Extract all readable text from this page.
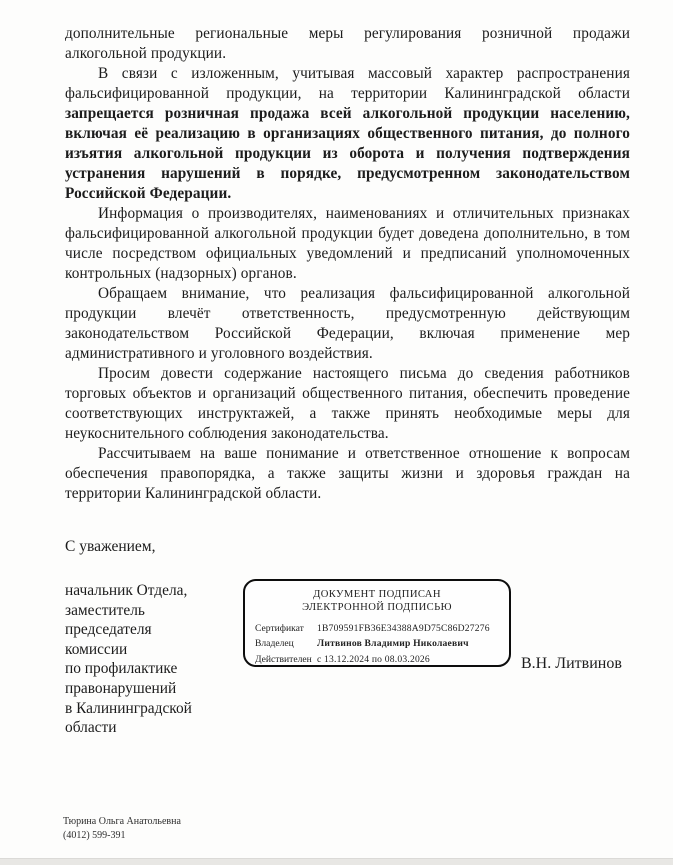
дополнительные региональные меры регулирования розничной продажи алкогольной продукции.

В связи с изложенным, учитывая массовый характер распространения фальсифицированной продукции, на территории Калининградской области запрещается розничная продажа всей алкогольной продукции населению, включая её реализацию в организациях общественного питания, до полного изъятия алкогольной продукции из оборота и получения подтверждения устранения нарушений в порядке, предусмотренном законодательством Российской Федерации.

Информация о производителях, наименованиях и отличительных признаках фальсифицированной алкогольной продукции будет доведена дополнительно, в том числе посредством официальных уведомлений и предписаний уполномоченных контрольных (надзорных) органов.

Обращаем внимание, что реализация фальсифицированной алкогольной продукции влечёт ответственность, предусмотренную действующим законодательством Российской Федерации, включая применение мер административного и уголовного воздействия.

Просим довести содержание настоящего письма до сведения работников торговых объектов и организаций общественного питания, обеспечить проведение соответствующих инструктажей, а также принять необходимые меры для неукоснительного соблюдения законодательства.

Рассчитываем на ваше понимание и ответственное отношение к вопросам обеспечения правопорядка, а также защиты жизни и здоровья граждан на территории Калининградской области.

С уважением,
начальник Отдела,
заместитель
председателя
комиссии
по профилактике
правонарушений
в Калининградской
области
ДОКУМЕНТ ПОДПИСАН
ЭЛЕКТРОННОЙ ПОДПИСЬЮ
Сертификат	1B709591FB36E34388A9D75C86D27276
Владелец	Литвинов Владимир Николаевич
Действителен с 13.12.2024 по 08.03.2026	В.Н. Литвинов
Тюрина Ольга Анатольевна
(4012) 599-391
